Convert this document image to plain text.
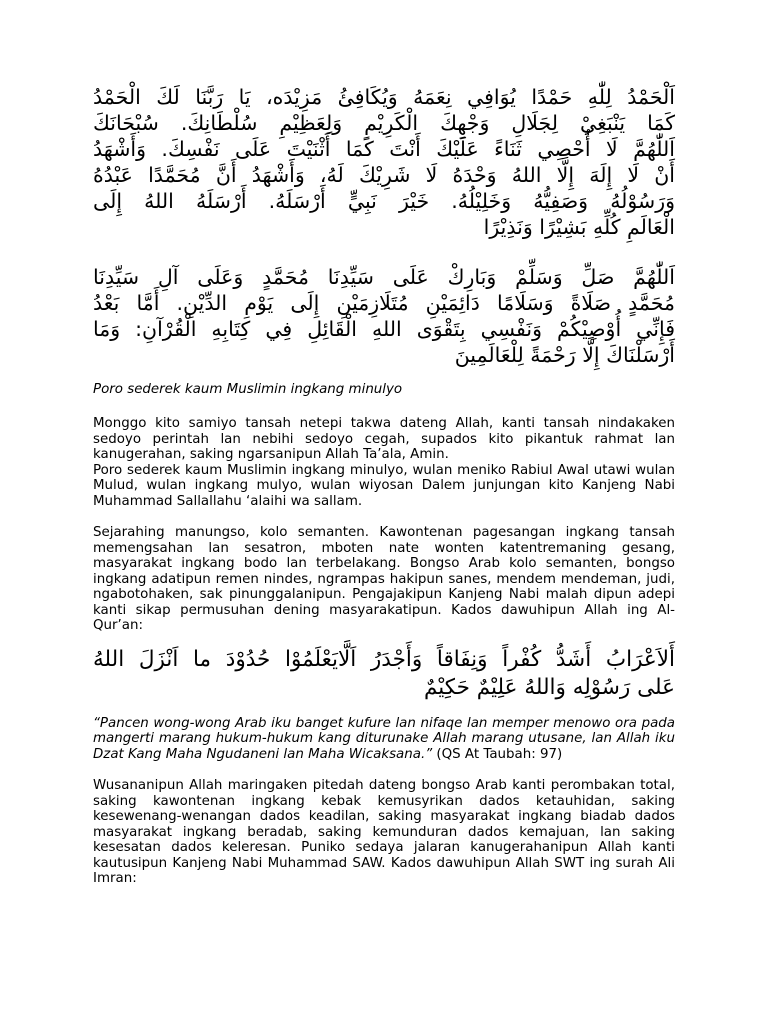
اَلْحَمْدُ لِلّٰهِ حَمْدًا يُوَافِي نِعَمَهُ وَيُكَافِئُ مَزِيْدَه، يَا رَبَّنَا لَكَ الْحَمْدُ
كَمَا يَنْبَغِيْ لِجَلَالِ وَجْهِكَ الْكَرِيْمِ وَلِعَظِيْمِ سُلْطَانِكَ. سُبْحَانَكَ
اَللّٰهُمَّ لَا أُحْصِي ثَنَاءً عَلَيْكَ أَنْتَ كَمَا أَثْنَيْتَ عَلَى نَفْسِكَ. وَأَشْهَدُ
أَنْ لَا إِلَهَ إِلَّا اللهُ وَحْدَهُ لَا شَرِيْكَ لَهُ، وَأَشْهَدُ أَنَّ مُحَمَّدًا عَبْدُهُ
وَرَسُوْلُهُ وَصَفِيُّهُ وَخَلِيْلُهُ. خَيْرَ نَبِيٍّ أَرْسَلَهُ. أَرْسَلَهُ اللهُ إِلَى
الْعَالَمِ كُلِّهِ بَشِيْرًا وَنَذِيْرًا
اَللّٰهُمَّ صَلِّ وَسَلِّمْ وَبَارِكْ عَلَى سَيِّدِنَا مُحَمَّدٍ وَعَلَى آلِ سَيِّدِنَا
مُحَمَّدٍ صَلَاةً وَسَلَامًا دَائِمَيْنِ مُتَلَازِمَيْنِ إِلَى يَوْمِ الدِّيْنِ. أَمَّا بَعْدُ
فَإِنِّي أُوْصِيْكُمْ وَنَفْسِي بِتَقْوَى اللهِ الْقَائِلِ فِي كِتَابِهِ الْقُرْآنِ: وَمَا
أَرْسَلْنَاكَ إِلَّا رَحْمَةً لِلْعَالَمِينَ

Poro sederek kaum Muslimin ingkang minulyo

Monggo kito samiyo tansah netepi takwa dateng Allah, kanti tansah nindakaken sedoyo perintah lan nebihi sedoyo cegah, supados kito pikantuk rahmat lan kanugerahan, saking ngarsanipun Allah Ta’ala, Amin.

Poro sederek kaum Muslimin ingkang minulyo, wulan meniko Rabiul Awal utawi wulan Mulud, wulan ingkang mulyo, wulan wiyosan Dalem junjungan kito Kanjeng Nabi Muhammad Sallallahu ‘alaihi wa sallam.

Sejarahing manungso, kolo semanten. Kawontenan pagesangan ingkang tansah memengsahan lan sesatron, mboten nate wonten katentremaning gesang, masyarakat ingkang bodo lan terbelakang. Bongso Arab kolo semanten, bongso ingkang adatipun remen nindes, ngrampas hakipun sanes, mendem mendeman, judi, ngabotohaken, sak pinunggalanipun. Pengajakipun Kanjeng Nabi malah dipun adepi kanti sikap permusuhan dening masyarakatipun. Kados dawuhipun Allah ing Al-Qur’an:

أَلاَعْرَابُ أَشَدُّ كُفْراً وَنِفَاقاً وَأَجْدَرُ اَلَّايَعْلَمُوْا حُدُوْدَ ما اَنْزَلَ اللهُ
عَلى رَسُوْلِه وَاللهُ عَلِيْمٌ حَكِيْمٌ

“Pancen wong-wong Arab iku banget kufure lan nifaqe lan memper menowo ora pada mangerti marang hukum-hukum kang diturunake Allah marang utusane, lan Allah iku Dzat Kang Maha Ngudaneni lan Maha Wicaksana.” (QS At Taubah: 97)

Wusananipun Allah maringaken pitedah dateng bongso Arab kanti perombakan total, saking kawontenan ingkang kebak kemusyrikan dados ketauhidan, saking kesewenang-wenangan dados keadilan, saking masyarakat ingkang biadab dados masyarakat ingkang beradab, saking kemunduran dados kemajuan, lan saking kesesatan dados keleresan. Puniko sedaya jalaran kanugerahanipun Allah kanti kautusipun Kanjeng Nabi Muhammad SAW. Kados dawuhipun Allah SWT ing surah Ali Imran:
